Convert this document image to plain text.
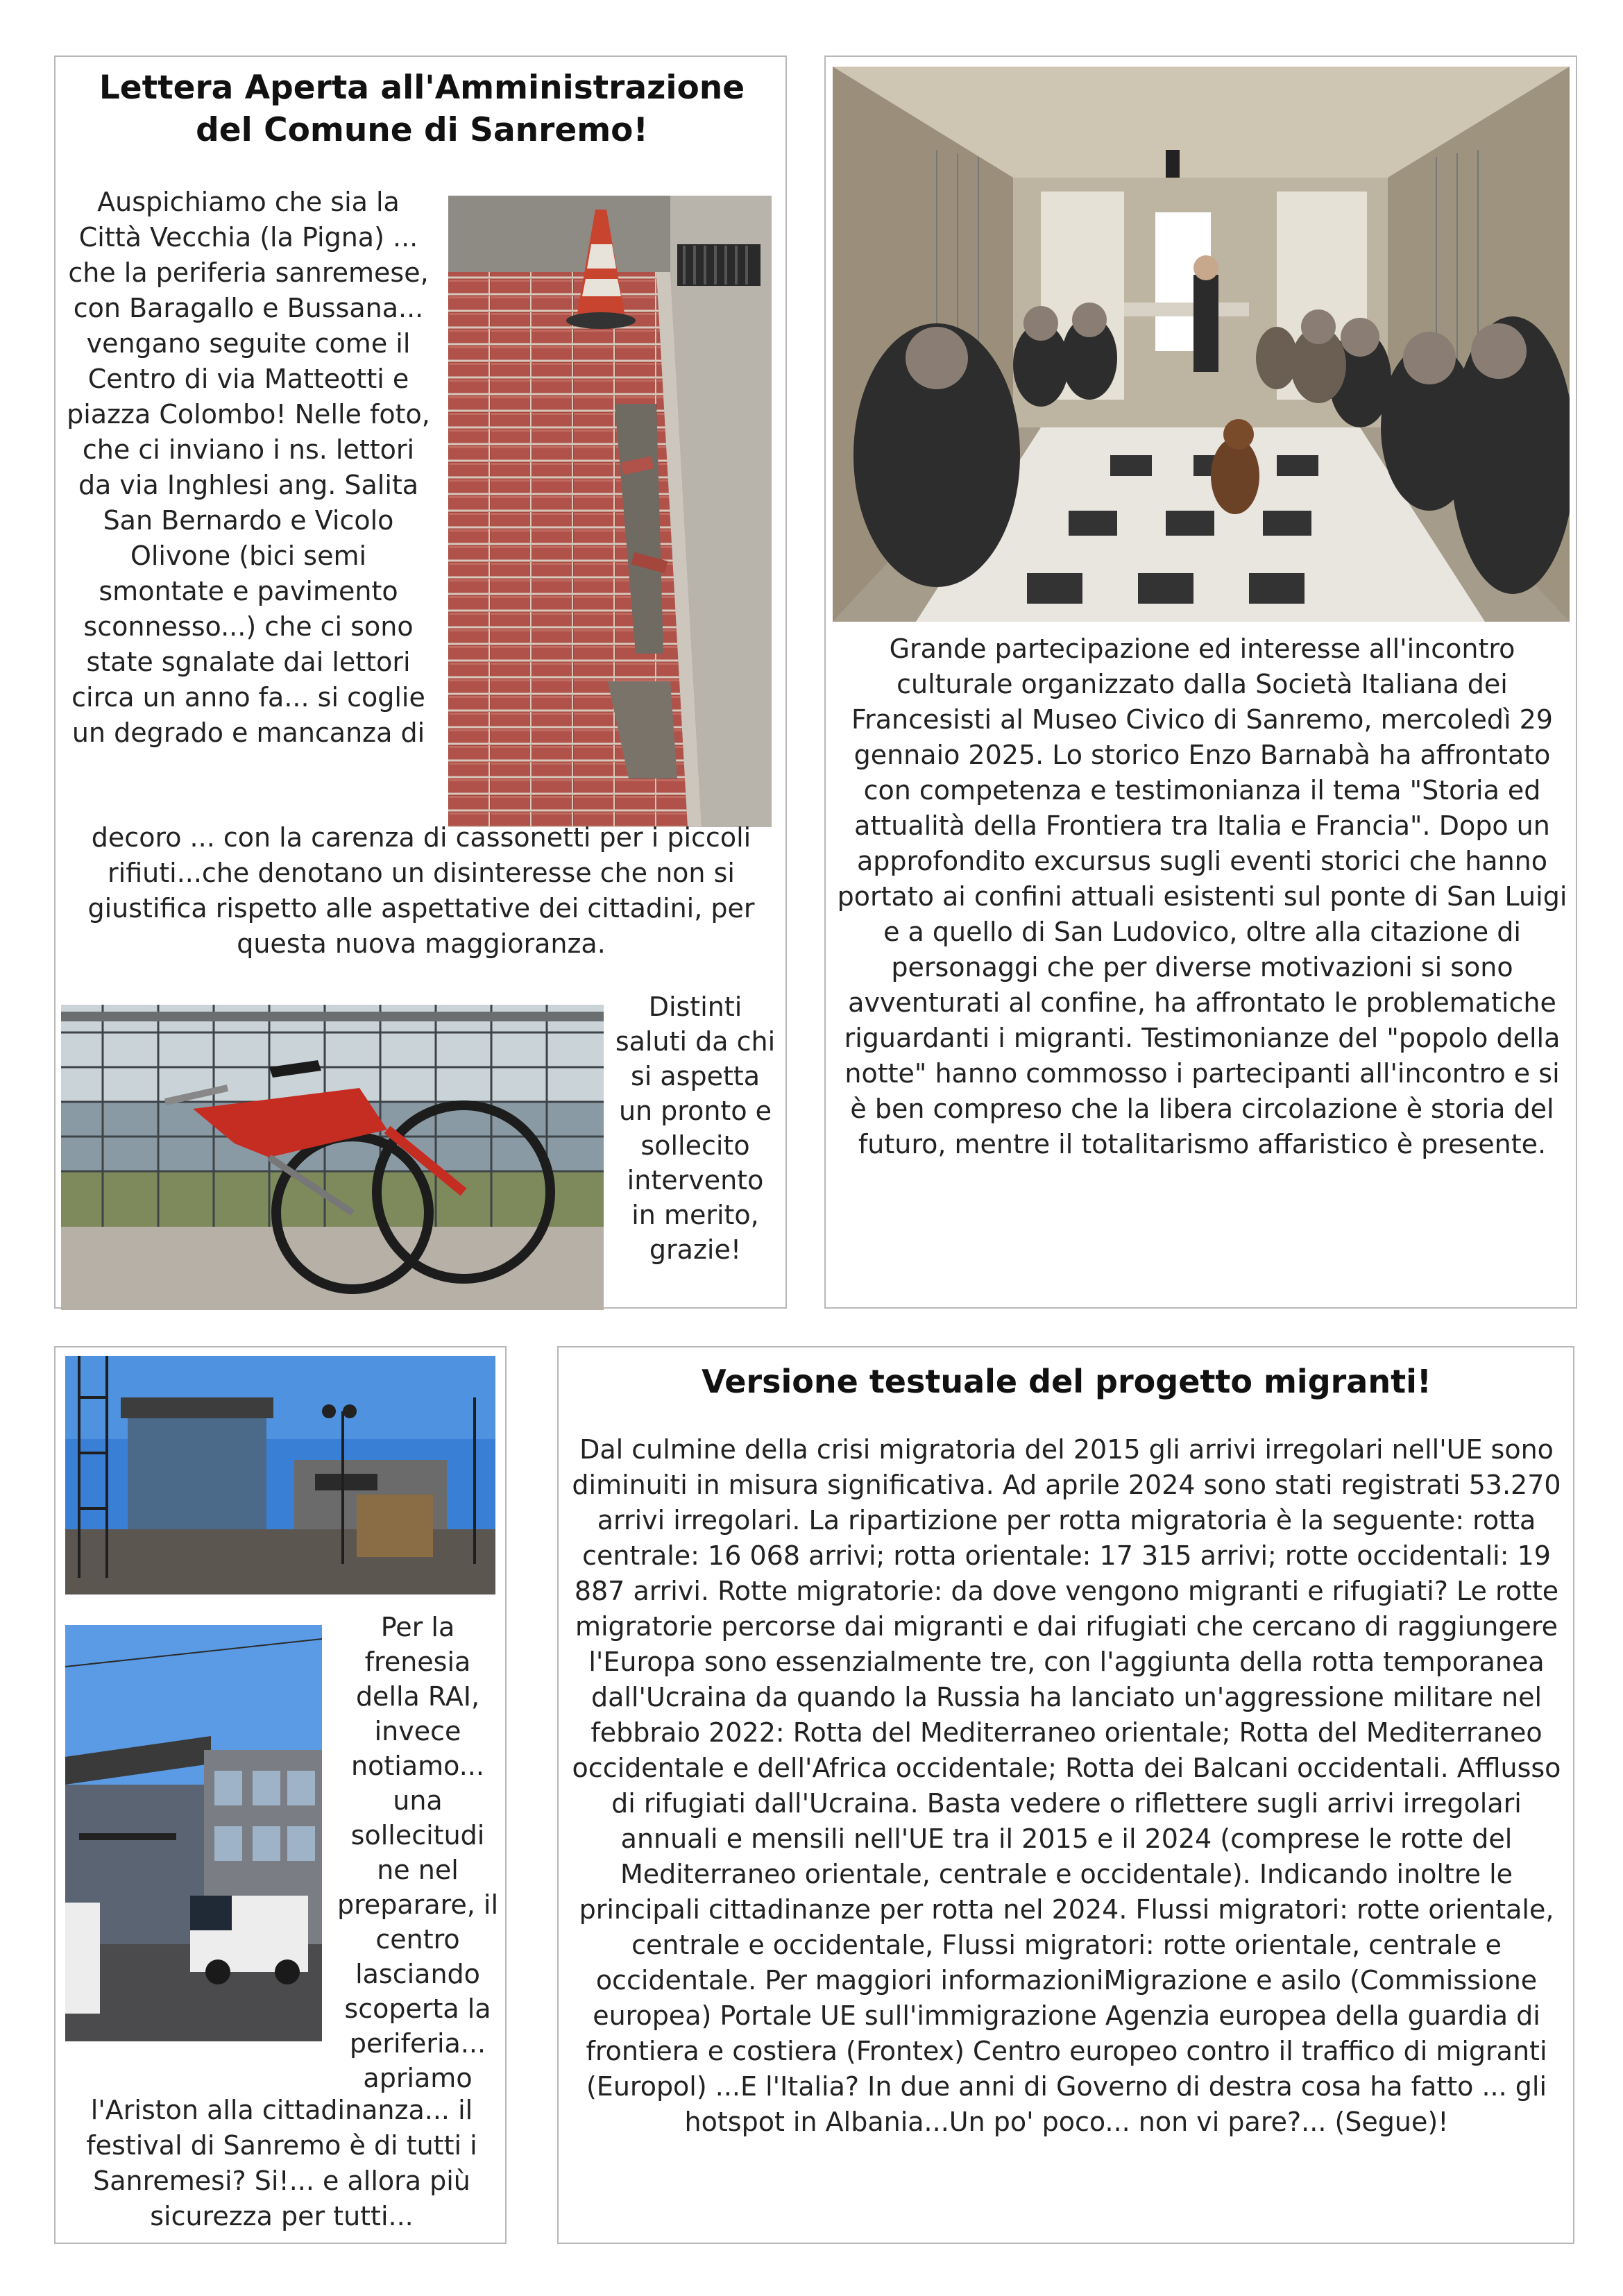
Lettera Aperta all'Amministrazione del Comune di Sanremo!
Auspichiamo che sia la Città Vecchia (la Pigna) ... che la periferia sanremese, con Baragallo e Bussana... vengano seguite come il Centro di via Matteotti e piazza Colombo! Nelle foto, che ci inviano i ns. lettori da via Inghlesi ang. Salita San Bernardo e Vicolo Olivone (bici semi smontate e pavimento sconnesso...) che ci sono state sgnalate dai lettori circa un anno fa... si coglie un degrado e mancanza di
decoro ... con la carenza di cassonetti per i piccoli rifiuti...che denotano un disinteresse che non si giustifica rispetto alle aspettative dei cittadini, per questa nuova maggioranza.
Distinti saluti da chi si aspetta un pronto e sollecito intervento in merito, grazie!
Grande partecipazione ed interesse all'incontro culturale organizzato dalla Società Italiana dei Francesisti al Museo Civico di Sanremo, mercoledì 29 gennaio 2025. Lo storico Enzo Barnabà ha affrontato con competenza e testimonianza il tema "Storia ed attualità della Frontiera tra Italia e Francia". Dopo un approfondito excursus sugli eventi storici che hanno portato ai confini attuali esistenti sul ponte di San Luigi e a quello di San Ludovico, oltre alla citazione di personaggi che per diverse motivazioni si sono avventurati al confine, ha affrontato le problematiche riguardanti i migranti. Testimonianze del "popolo della notte" hanno commosso i partecipanti all'incontro e si è ben compreso che la libera circolazione è storia del futuro, mentre il totalitarismo affaristico è presente.
Per la frenesia della RAI, invece notiamo... una sollecitudi ne nel preparare, il centro lasciando scoperta la periferia... apriamo
l'Ariston alla cittadinanza... il festival di Sanremo è di tutti i Sanremesi? Si!... e allora più sicurezza per tutti...
Versione testuale del progetto migranti!
Dal culmine della crisi migratoria del 2015 gli arrivi irregolari nell'UE sono diminuiti in misura significativa. Ad aprile 2024 sono stati registrati 53.270 arrivi irregolari. La ripartizione per rotta migratoria è la seguente: rotta centrale: 16 068 arrivi; rotta orientale: 17 315 arrivi; rotte occidentali: 19 887 arrivi. Rotte migratorie: da dove vengono migranti e rifugiati? Le rotte migratorie percorse dai migranti e dai rifugiati che cercano di raggiungere l'Europa sono essenzialmente tre, con l'aggiunta della rotta temporanea dall'Ucraina da quando la Russia ha lanciato un'aggressione militare nel febbraio 2022: Rotta del Mediterraneo orientale; Rotta del Mediterraneo occidentale e dell'Africa occidentale; Rotta dei Balcani occidentali. Afflusso di rifugiati dall'Ucraina. Basta vedere o riflettere sugli arrivi irregolari annuali e mensili nell'UE tra il 2015 e il 2024 (comprese le rotte del Mediterraneo orientale, centrale e occidentale). Indicando inoltre le principali cittadinanze per rotta nel 2024. Flussi migratori: rotte orientale, centrale e occidentale, Flussi migratori: rotte orientale, centrale e occidentale. Per maggiori informazioniMigrazione e asilo (Commissione europea) Portale UE sull'immigrazione Agenzia europea della guardia di frontiera e costiera (Frontex) Centro europeo contro il traffico di migranti (Europol) ...E l'Italia? In due anni di Governo di destra cosa ha fatto ... gli hotspot in Albania...Un po' poco... non vi pare?... (Segue)!
